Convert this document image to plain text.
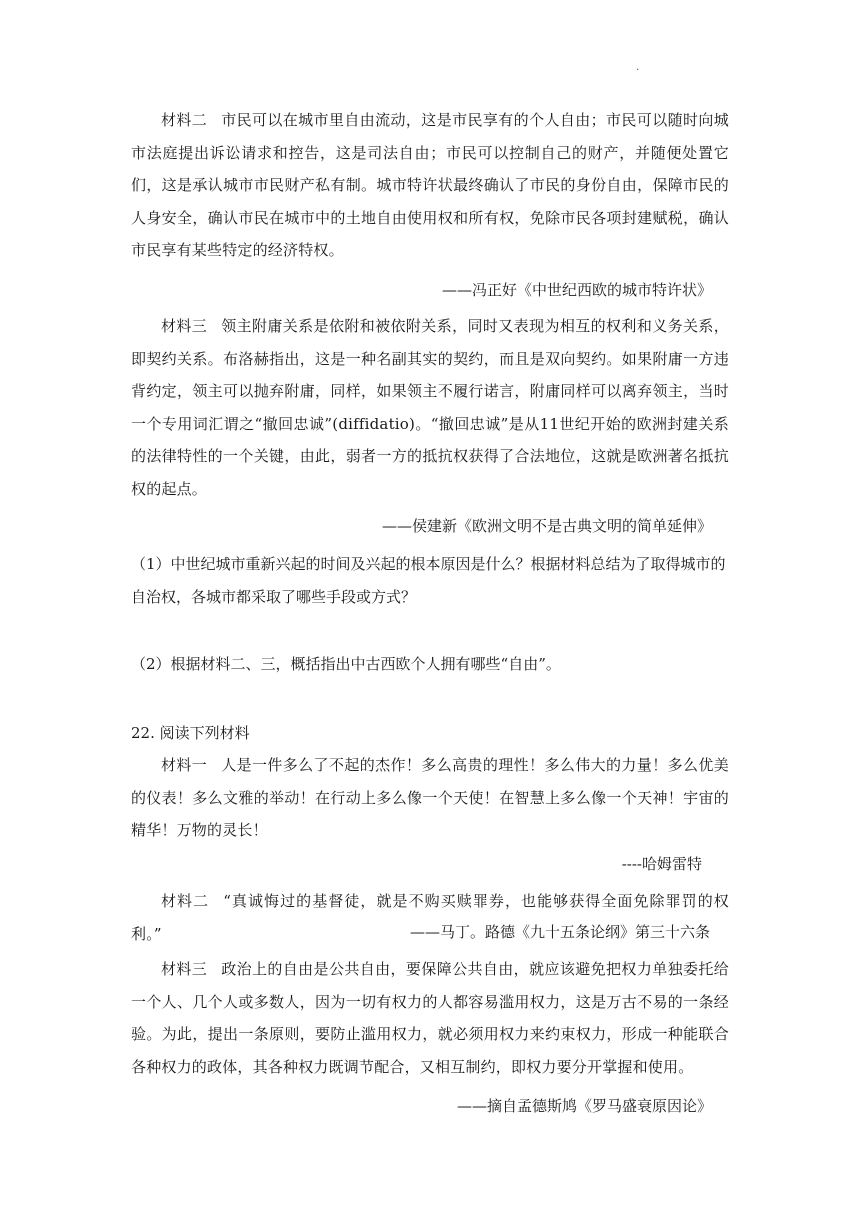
.

材料二 市民可以在城市里自由流动，这是市民享有的个人自由；市民可以随时向城市法庭提出诉讼请求和控告，这是司法自由；市民可以控制自己的财产，并随便处置它们，这是承认城市市民财产私有制。城市特许状最终确认了市民的身份自由，保障市民的人身安全，确认市民在城市中的土地自由使用权和所有权，免除市民各项封建赋税，确认市民享有某些特定的经济特权。

——冯正好《中世纪西欧的城市特许状》

材料三 领主附庸关系是依附和被依附关系，同时又表现为相互的权利和义务关系，即契约关系。布洛赫指出，这是一种名副其实的契约，而且是双向契约。如果附庸一方违背约定，领主可以抛弃附庸，同样，如果领主不履行诺言，附庸同样可以离弃领主，当时一个专用词汇谓之“撤回忠诚”(diffidatio)。“撤回忠诚”是从11世纪开始的欧洲封建关系的法律特性的一个关键，由此，弱者一方的抵抗权获得了合法地位，这就是欧洲著名抵抗权的起点。

——侯建新《欧洲文明不是古典文明的简单延伸》

（1）中世纪城市重新兴起的时间及兴起的根本原因是什么？根据材料总结为了取得城市的自治权，各城市都采取了哪些手段或方式？

（2）根据材料二、三，概括指出中古西欧个人拥有哪些“自由”。

22. 阅读下列材料

材料一 人是一件多么了不起的杰作！多么高贵的理性！多么伟大的力量！多么优美的仪表！多么文雅的举动！在行动上多么像一个天使！在智慧上多么像一个天神！宇宙的精华！万物的灵长！

----哈姆雷特

材料二 “真诚悔过的基督徒，就是不购买赎罪券，也能够获得全面免除罪罚的权利。”	——马丁。路德《九十五条论纲》第三十六条

材料三 政治上的自由是公共自由，要保障公共自由，就应该避免把权力单独委托给一个人、几个人或多数人，因为一切有权力的人都容易滥用权力，这是万古不易的一条经验。为此，提出一条原则，要防止滥用权力，就必须用权力来约束权力，形成一种能联合各种权力的政体，其各种权力既调节配合，又相互制约，即权力要分开掌握和使用。

——摘自孟德斯鸠《罗马盛衰原因论》
